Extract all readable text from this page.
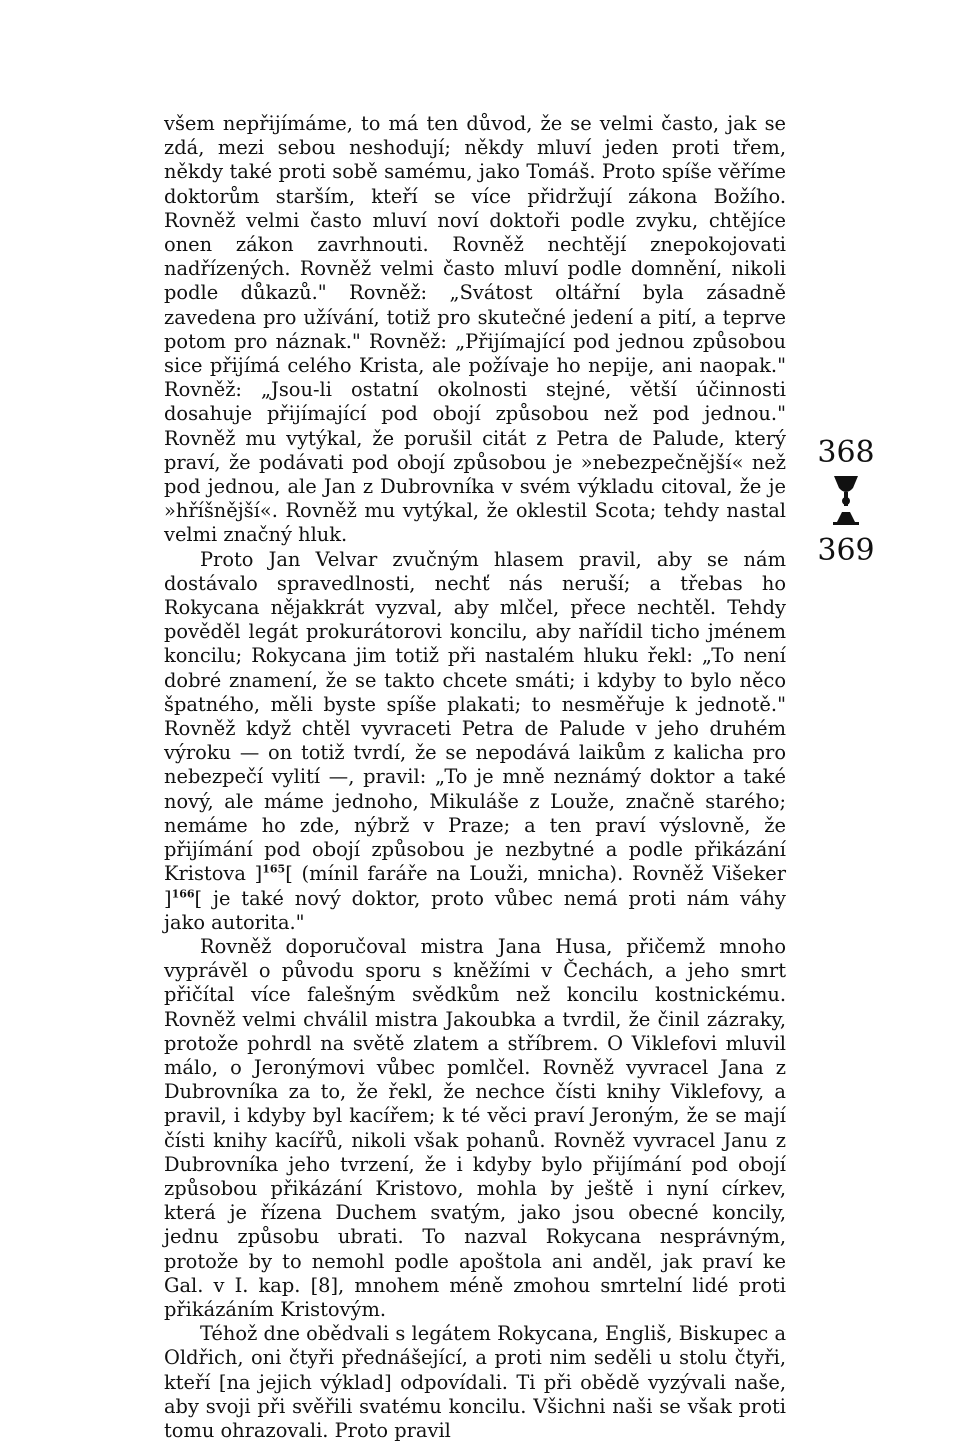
všem nepřijímáme, to má ten důvod, že se velmi často, jak se zdá, mezi sebou neshodují; někdy mluví jeden proti třem, někdy také proti sobě samému, jako Tomáš. Proto spíše věříme doktorům starším, kteří se více přidržují zákona Božího. Rovněž velmi často mluví noví doktoři podle zvyku, chtějíce onen zákon zavrhnouti. Rovněž nechtějí znepokojovati nadřízených. Rovněž velmi často mluví podle domnění, nikoli podle důkazů." Rovněž: „Svátost oltářní byla zásadně zavedena pro užívání, totiž pro skutečné jedení a pití, a teprve potom pro náznak." Rovněž: „Přijímající pod jednou způsobou sice přijímá celého Krista, ale požívaje ho nepije, ani naopak." Rovněž: „Jsou-li ostatní okolnosti stejné, větší účinnosti dosahuje přijímající pod obojí způsobou než pod jednou." Rovněž mu vytýkal, že porušil citát z Petra de Palude, který praví, že podávati pod obojí způsobou je »nebezpečnější« než pod jednou, ale Jan z Dubrovníka v svém výkladu citoval, že je »hříšnější«. Rovněž mu vytýkal, že oklestil Scota; tehdy nastal velmi značný hluk.

Proto Jan Velvar zvučným hlasem pravil, aby se nám dostávalo spravedlnosti, nechť nás neruší; a třebas ho Rokycana nějakkrát vyzval, aby mlčel, přece nechtěl. Tehdy pověděl legát prokurátorovi koncilu, aby nařídil ticho jménem koncilu; Rokycana jim totiž při nastalém hluku řekl: „To není dobré znamení, že se takto chcete smáti; i kdyby to bylo něco špatného, měli byste spíše plakati; to nesměřuje k jednotě." Rovněž když chtěl vyvraceti Petra de Palude v jeho druhém výroku — on totiž tvrdí, že se nepodává laikům z kalicha pro nebezpečí vylití —, pravil: „To je mně neznámý doktor a také nový, ale máme jednoho, Mikuláše z Louže, značně starého; nemáme ho zde, nýbrž v Praze; a ten praví výslovně, že přijímání pod obojí způsobou je nezbytné a podle přikázání Kristova ]$^{165}$[ (mínil faráře na Louži, mnicha). Rovněž Višeker ]$^{166}$[ je také nový doktor, proto vůbec nemá proti nám váhy jako autorita."

Rovněž doporučoval mistra Jana Husa, přičemž mnoho vyprávěl o původu sporu s kněžími v Čechách, a jeho smrt přičítal více falešným svědkům než koncilu kostnickému. Rovněž velmi chválil mistra Jakoubka a tvrdil, že činil zázraky, protože pohrdl na světě zlatem a stříbrem. O Viklefovi mluvil málo, o Jeronýmovi vůbec pomlčel. Rovněž vyvracel Jana z Dubrovníka za to, že řekl, že nechce čísti knihy Viklefovy, a pravil, i kdyby byl kacířem; k té věci praví Jeroným, že se mají čísti knihy kacířů, nikoli však pohanů. Rovněž vyvracel Janu z Dubrovníka jeho tvrzení, že i kdyby bylo přijímání pod obojí způsobou přikázání Kristovo, mohla by ještě i nyní církev, která je řízena Duchem svatým, jako jsou obecné koncily, jednu způsobu ubrati. To nazval Rokycana nesprávným, protože by to nemohl podle apoštola ani anděl, jak praví ke Gal. v I. kap. [8], mnohem méně zmohou smrtelní lidé proti přikázáním Kristovým.

Téhož dne obědvali s legátem Rokycana, Engliš, Biskupec a Oldřich, oni čtyři přednášející, a proti nim seděli u stolu čtyři, kteří [na jejich výklad] odpovídali. Ti při obědě vyzývali naše, aby svoji při svěřili svatému koncilu. Všichni naši se však proti tomu ohrazovali. Proto pravil

368
369
